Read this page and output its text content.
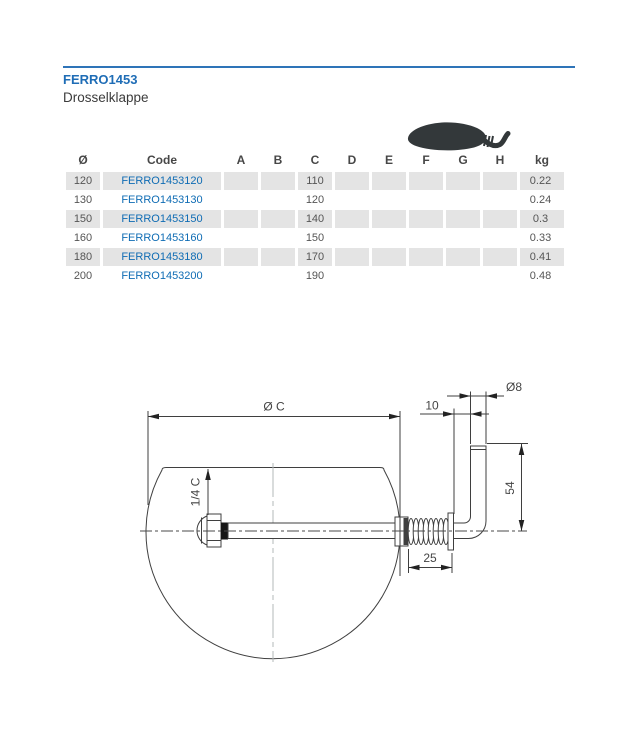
FERRO1453
Drosselklappe
Ø	Code	A	B	C	D	E	F	G	H	kg
120	FERRO1453120			110						0.22
130	FERRO1453130			120						0.24
150	FERRO1453150			140						0.3
160	FERRO1453160			150						0.33
180	FERRO1453180			170						0.41
200	FERRO1453200			190						0.48
Ø C	10
Ø8
54
25
1/4 C
